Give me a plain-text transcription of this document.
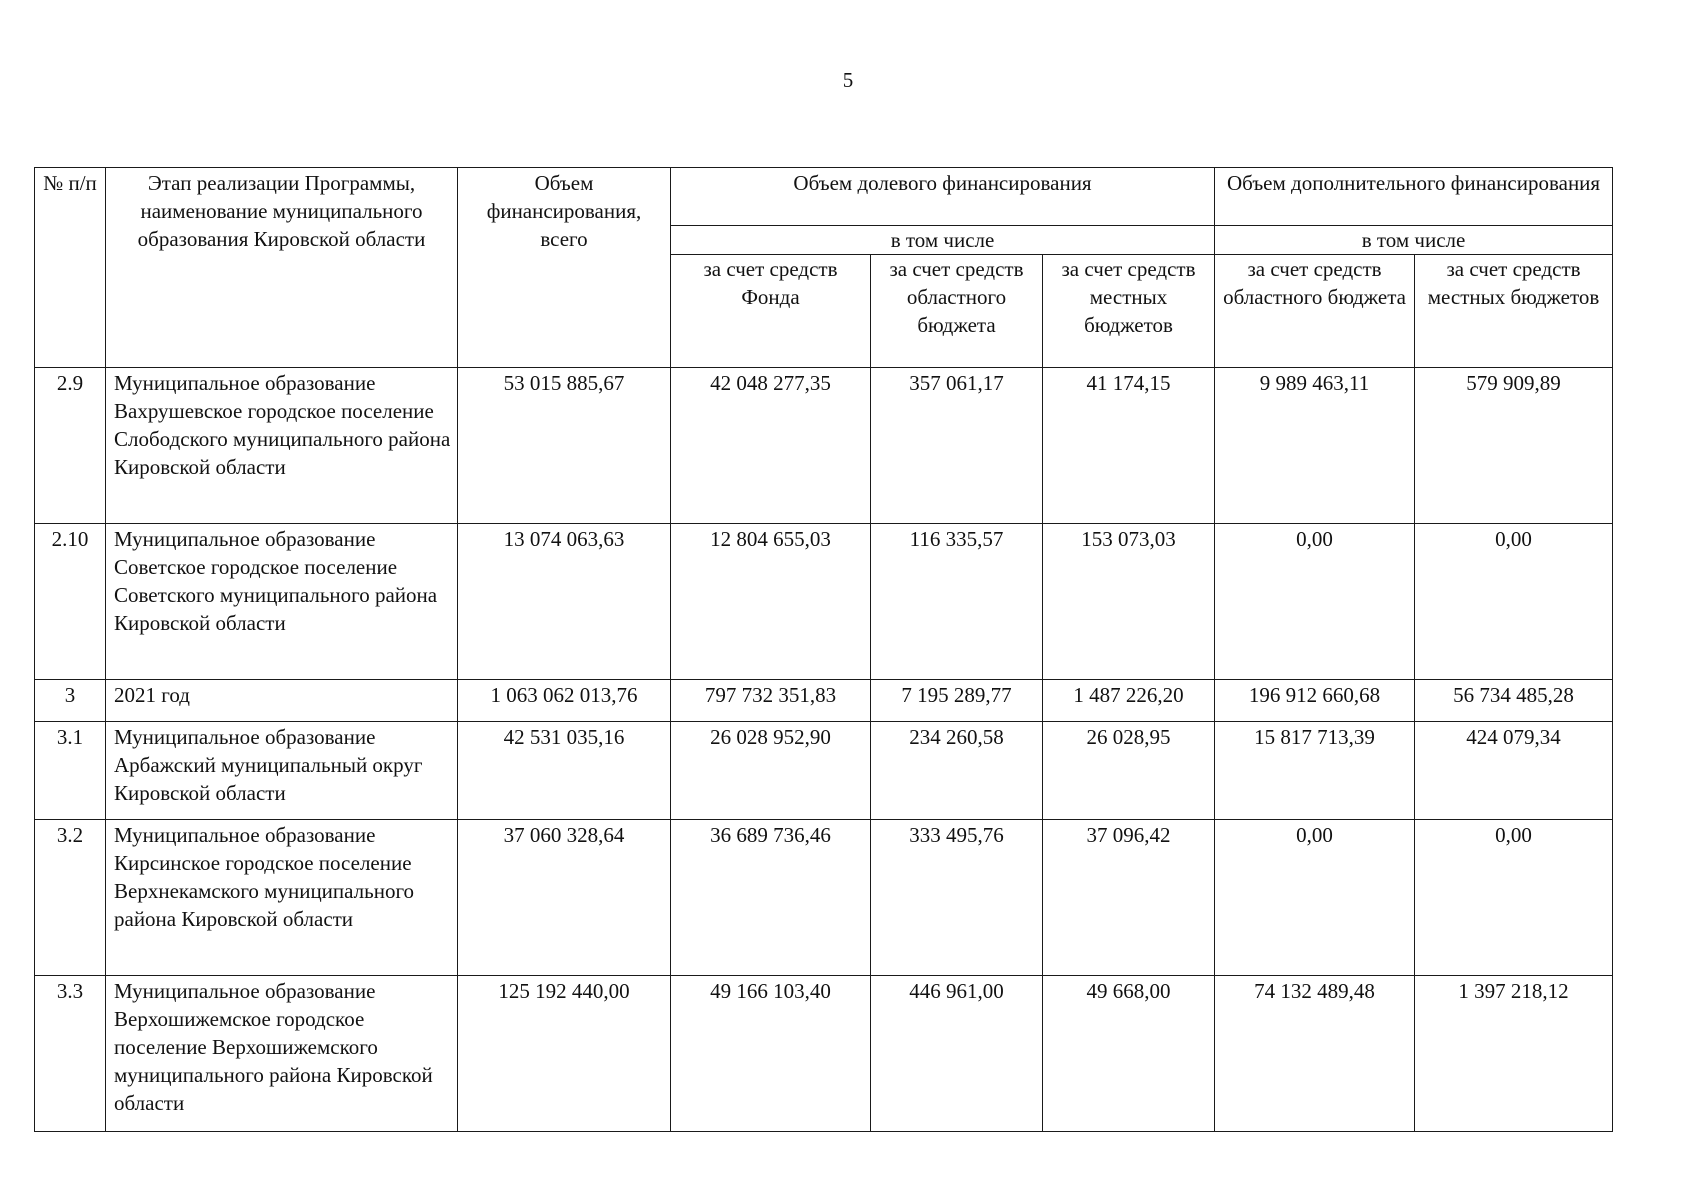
5
№ п/п	Этап реализации Программы, наименование муниципального образования Кировской области	Объем финансирования, всего	Объем долевого финансирования			Объем дополнительного финансирования	
			в том числе			в том числе	
			за счет средств Фонда	за счет средств областного бюджета	за счет средств местных бюджетов	за счет средств областного бюджета	за счет средств местных бюджетов
2.9	Муниципальное образование Вахрушевское городское поселение Слободского муниципального района Кировской области	53 015 885,67	42 048 277,35	357 061,17	41 174,15	9 989 463,11	579 909,89
2.10	Муниципальное образование Советское городское поселение Советского муниципального района Кировской области	13 074 063,63	12 804 655,03	116 335,57	153 073,03	0,00	0,00
3	2021 год	1 063 062 013,76	797 732 351,83	7 195 289,77	1 487 226,20	196 912 660,68	56 734 485,28
3.1	Муниципальное образование Арбажский муниципальный округ Кировской области	42 531 035,16	26 028 952,90	234 260,58	26 028,95	15 817 713,39	424 079,34
3.2	Муниципальное образование Кирсинское городское поселение Верхнекамского муниципального района Кировской области	37 060 328,64	36 689 736,46	333 495,76	37 096,42	0,00	0,00
3.3	Муниципальное образование Верхошижемское городское поселение Верхошижемского муниципального района Кировской области	125 192 440,00	49 166 103,40	446 961,00	49 668,00	74 132 489,48	1 397 218,12
